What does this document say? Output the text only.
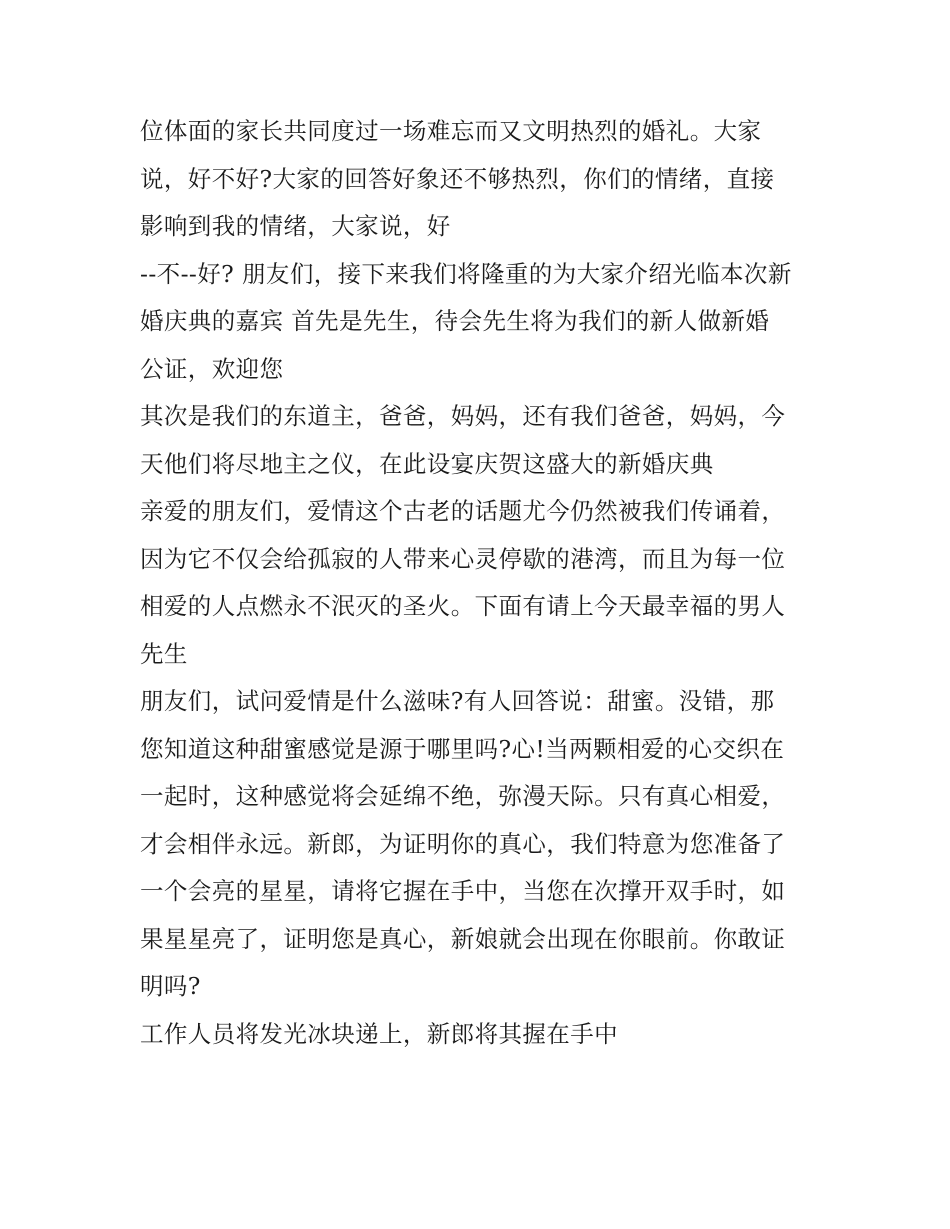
位体面的家长共同度过一场难忘而又文明热烈的婚礼。大家
说，好不好?大家的回答好象还不够热烈，你们的情绪，直接
影响到我的情绪，大家说，好
--不--好? 朋友们，接下来我们将隆重的为大家介绍光临本次新
婚庆典的嘉宾 首先是先生，待会先生将为我们的新人做新婚
公证，欢迎您
其次是我们的东道主，爸爸，妈妈，还有我们爸爸，妈妈，今
天他们将尽地主之仪，在此设宴庆贺这盛大的新婚庆典
亲爱的朋友们，爱情这个古老的话题尤今仍然被我们传诵着，
因为它不仅会给孤寂的人带来心灵停歇的港湾，而且为每一位
相爱的人点燃永不泯灭的圣火。下面有请上今天最幸福的男人
先生
朋友们，试问爱情是什么滋味?有人回答说：甜蜜。没错，那
您知道这种甜蜜感觉是源于哪里吗?心!当两颗相爱的心交织在
一起时，这种感觉将会延绵不绝，弥漫天际。只有真心相爱，
才会相伴永远。新郎，为证明你的真心，我们特意为您准备了
一个会亮的星星，请将它握在手中，当您在次撑开双手时，如
果星星亮了，证明您是真心，新娘就会出现在你眼前。你敢证
明吗?
工作人员将发光冰块递上，新郎将其握在手中
